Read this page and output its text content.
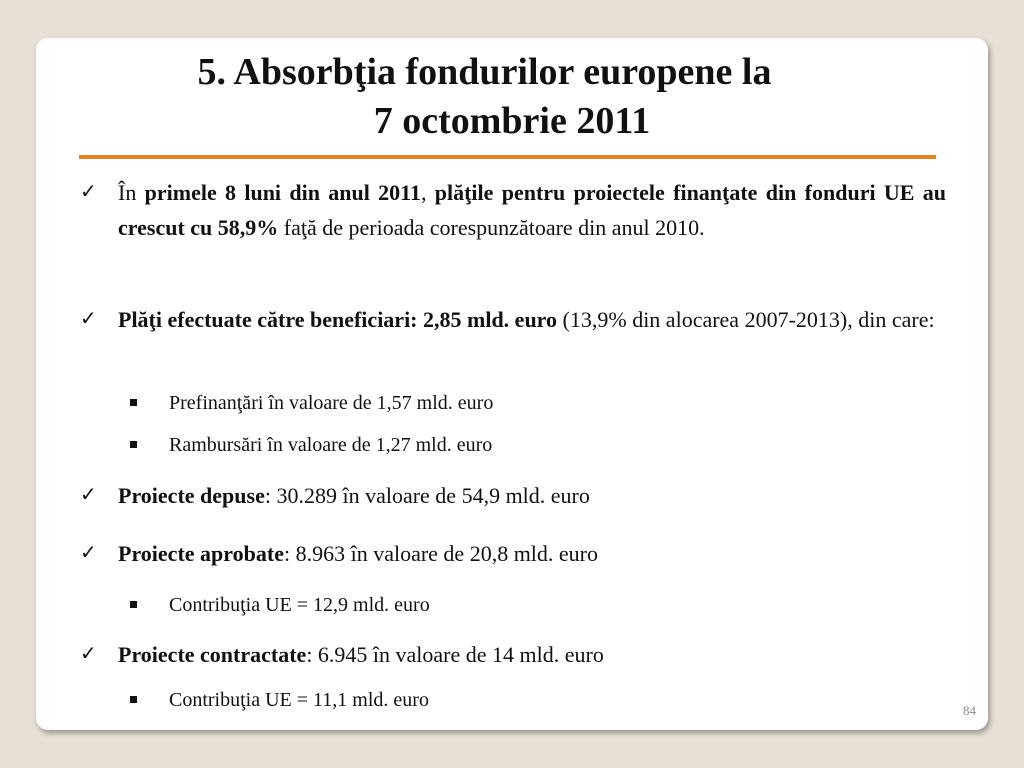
5. Absorbţia fondurilor europene la
7 octombrie 2011
✓ În primele 8 luni din anul 2011, plăţile pentru proiectele finanţate din fonduri UE au crescut cu 58,9% faţă de perioada corespunzătoare din anul 2010.
✓ Plăţi efectuate către beneficiari: 2,85 mld. euro (13,9% din alocarea 2007-2013), din care:
Prefinanţări în valoare de 1,57 mld. euro
Rambursări în valoare de 1,27 mld. euro
✓ Proiecte depuse: 30.289 în valoare de 54,9 mld. euro
✓ Proiecte aprobate: 8.963 în valoare de 20,8 mld. euro
Contribuţia UE = 12,9 mld. euro
✓ Proiecte contractate: 6.945 în valoare de 14 mld. euro
Contribuţia UE = 11,1 mld. euro	84
